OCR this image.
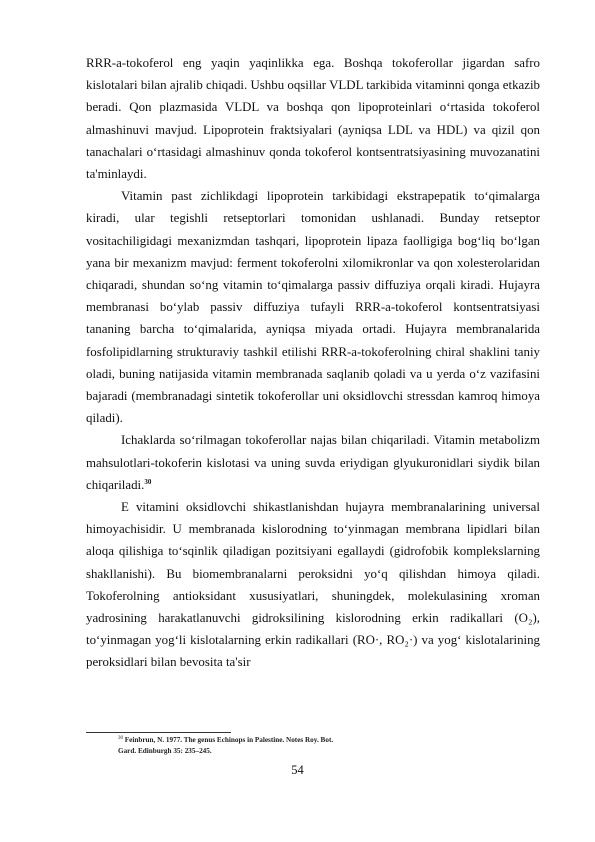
RRR-a-tokoferol eng yaqin yaqinlikka ega. Boshqa tokoferollar jigardan safro kislotalari bilan ajralib chiqadi. Ushbu oqsillar VLDL tarkibida vitaminni qonga etkazib beradi. Qon plazmasida VLDL va boshqa qon lipoproteinlari o‘rtasida tokoferol almashinuvi mavjud. Lipoprotein fraktsiyalari (ayniqsa LDL va HDL) va qizil qon tanachalari o‘rtasidagi almashinuv qonda tokoferol kontsentratsiyasining muvozanatini ta'minlaydi.

Vitamin past zichlikdagi lipoprotein tarkibidagi ekstrapepatik to‘qimalarga kiradi, ular tegishli retseptorlari tomonidan ushlanadi. Bunday retseptor vositachiligidagi mexanizmdan tashqari, lipoprotein lipaza faolligiga bog‘liq bo‘lgan yana bir mexanizm mavjud: ferment tokoferolni xilomikronlar va qon xolesterolaridan chiqaradi, shundan so‘ng vitamin to‘qimalarga passiv diffuziya orqali kiradi. Hujayra membranasi bo‘ylab passiv diffuziya tufayli RRR-a-tokoferol kontsentratsiyasi tananing barcha to‘qimalarida, ayniqsa miyada ortadi. Hujayra membranalarida fosfolipidlarning strukturaviy tashkil etilishi RRR-a-tokoferolning chiral shaklini taniy oladi, buning natijasida vitamin membranada saqlanib qoladi va u yerda o‘z vazifasini bajaradi (membranadagi sintetik tokoferollar uni oksidlovchi stressdan kamroq himoya qiladi).

Ichaklarda so‘rilmagan tokoferollar najas bilan chiqariladi. Vitamin metabolizm mahsulotlari-tokoferin kislotasi va uning suvda eriydigan glyukuronidlari siydik bilan chiqariladi.$^{30}$

E vitamini oksidlovchi shikastlanishdan hujayra membranalarining universal himoyachisidir. U membranada kislorodning to‘yinmagan membrana lipidlari bilan aloqa qilishiga to‘sqinlik qiladigan pozitsiyani egallaydi (gidrofobik komplekslarning shakllanishi). Bu biomembranalarni peroksidni yo‘q qilishdan himoya qiladi. Tokoferolning antioksidant xususiyatlari, shuningdek, molekulasining xroman yadrosining harakatlanuvchi gidroksilining kislorodning erkin radikallari (O₂), to‘yinmagan yog‘li kislotalarning erkin radikallari (RO·, RO₂·) va yog‘ kislotalarining peroksidlari bilan bevosita ta'sir

$^{30}$ Feinbrun, N. 1977. The genus Echinops in Palestine. Notes Roy. Bot.
Gard. Edinburgh 35: 235–245.
54
